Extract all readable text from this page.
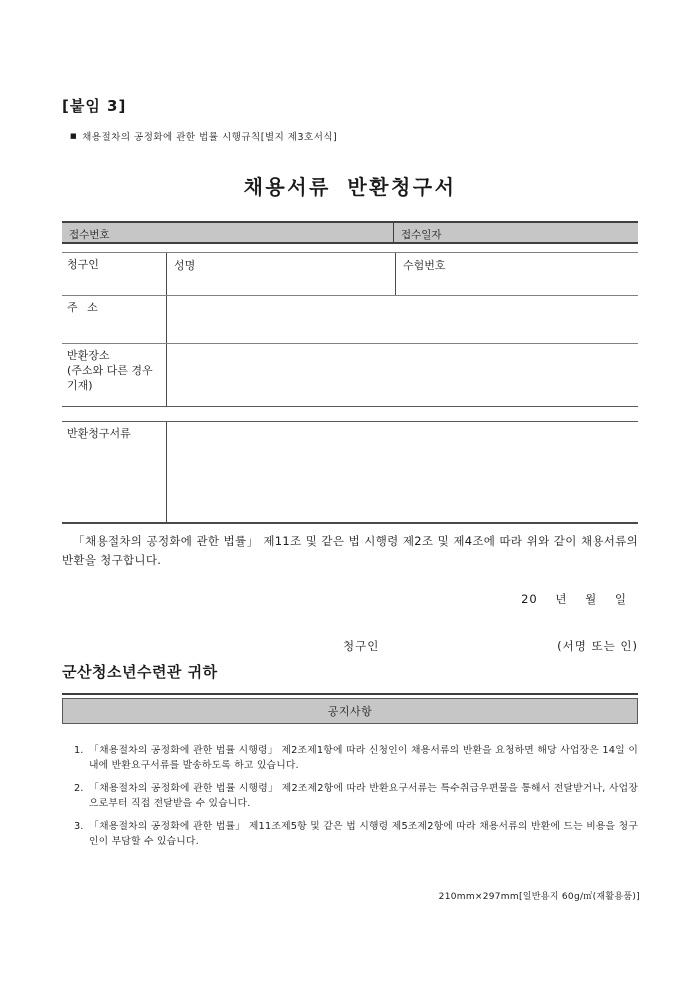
[붙임 3]
■ 채용절차의 공정화에 관한 법률 시행규칙[별지 제3호서식]
채용서류 반환청구서
접수번호	접수일자
청구인	성명	수험번호
주 소
반환장소
(주소와 다른 경우 기재)
반환청구서류
「채용절차의 공정화에 관한 법률」 제11조 및 같은 법 시행령 제2조 및 제4조에 따라 위와 같이 채용서류의 반환을 청구합니다.
20 년 월 일
청구인	(서명 또는 인)
군산청소년수련관 귀하
공지사항
1. 「채용절차의 공정화에 관한 법률 시행령」 제2조제1항에 따라 신청인이 채용서류의 반환을 요청하면 해당 사업장은 14일 이내에 반환요구서류를 발송하도록 하고 있습니다.
2. 「채용절차의 공정화에 관한 법률 시행령」 제2조제2항에 따라 반환요구서류는 특수취급우편물을 통해서 전달받거나, 사업장으로부터 직접 전달받을 수 있습니다.
3. 「채용절차의 공정화에 관한 법률」 제11조제5항 및 같은 법 시행령 제5조제2항에 따라 채용서류의 반환에 드는 비용을 청구인이 부담할 수 있습니다.
210mm×297mm[일반용지 60g/㎡(재활용품)]
